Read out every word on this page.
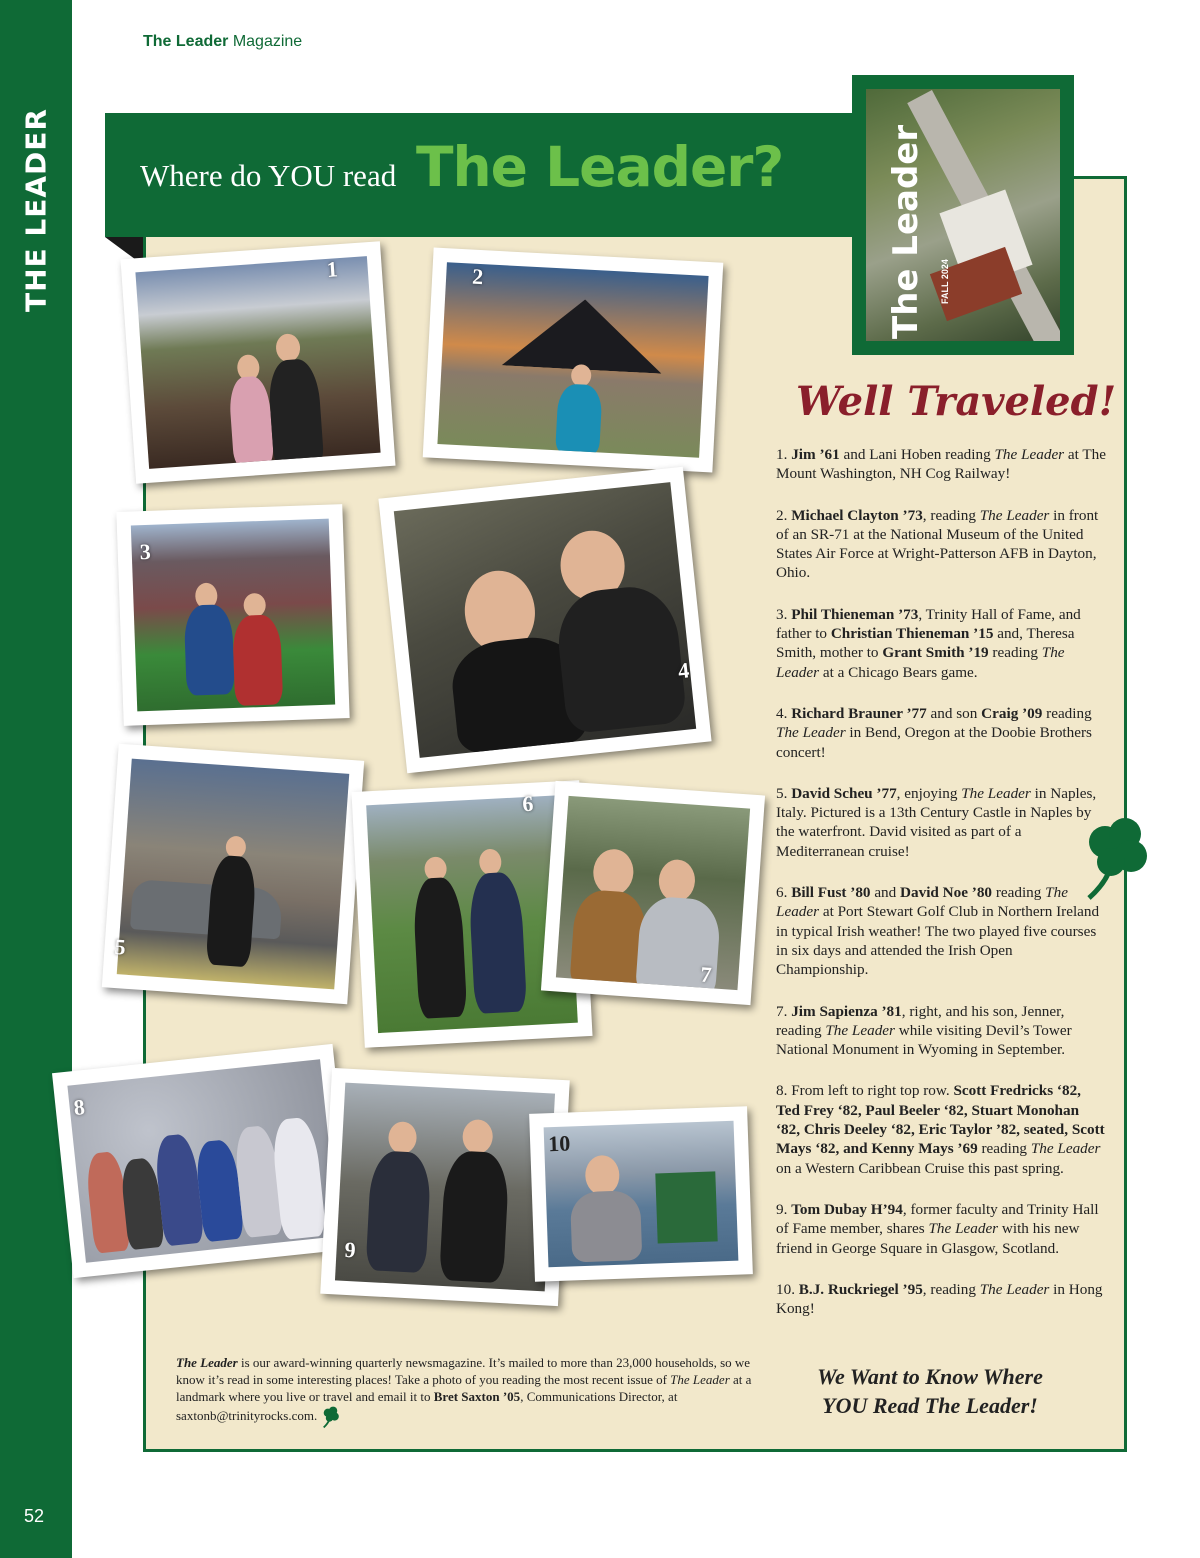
THE LEADER
52
The Leader Magazine
Where do YOU read The Leader?	The Leader FALL 2024
1	2
3
4
5
6
7
8
9
10
Well Traveled!

1. Jim ’61 and Lani Hoben reading The Leader at The Mount Washington, NH Cog Railway!

2. Michael Clayton ’73, reading The Leader in front of an SR-71 at the National Museum of the United States Air Force at Wright-Patterson AFB in Dayton, Ohio.

3. Phil Thieneman ’73, Trinity Hall of Fame, and father to Christian Thieneman ’15 and, Theresa Smith, mother to Grant Smith ’19 reading The Leader at a Chicago Bears game.

4. Richard Brauner ’77 and son Craig ’09 reading The Leader in Bend, Oregon at the Doobie Brothers concert!

5. David Scheu ’77, enjoying The Leader in Naples, Italy. Pictured is a 13th Century Castle in Naples by the waterfront. David visited as part of a Mediterranean cruise!

6. Bill Fust ’80 and David Noe ’80 reading The Leader at Port Stewart Golf Club in Northern Ireland in typical Irish weather! The two played five courses in six days and attended the Irish Open Championship.

7. Jim Sapienza ’81, right, and his son, Jenner, reading The Leader while visiting Devil’s Tower National Monument in Wyoming in September.

8. From left to right top row. Scott Fredricks ‘82, Ted Frey ‘82, Paul Beeler ‘82, Stuart Monohan ‘82, Chris Deeley ‘82, Eric Taylor ’82, seated, Scott Mays ‘82, and Kenny Mays ’69 reading The Leader on a Western Caribbean Cruise this past spring.

9. Tom Dubay H’94, former faculty and Trinity Hall of Fame member, shares The Leader with his new friend in George Square in Glasgow, Scotland.

10. B.J. Ruckriegel ’95, reading The Leader in Hong Kong!

We Want to Know Where
YOU Read The Leader!
The Leader is our award-winning quarterly newsmagazine. It’s mailed to more than 23,000 households, so we know it’s read in some interesting places! Take a photo of you reading the most recent issue of The Leader at a landmark where you live or travel and email it to Bret Saxton ’05, Communications Director, at saxtonb@trinityrocks.com.
